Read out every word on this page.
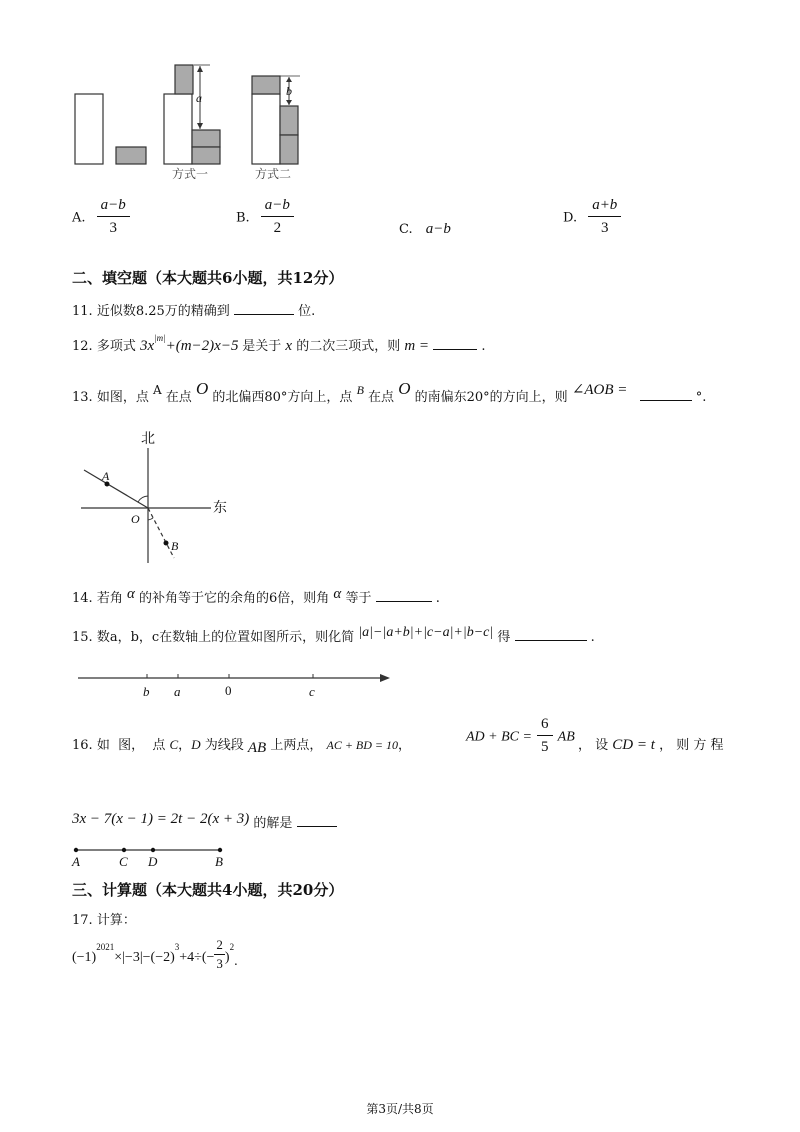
a	b
方式一	方式二
A. $\frac{a-b}{3}$	B. $\frac{a-b}{2}$	C. a−b
D. $\frac{a+b}{3}$
二、填空题（本大题共6小题，共12分）
11. 近似数8.25万的精确到	位.
12. 多项式 $3x^{|m|}+(m-2)x-5$ 是关于 x 的二次三项式，则 m =	.
13. 如图，点 A 在点 O 的北偏西80°方向上，点 B 在点 O 的南偏东20°的方向上，则 ∠AOB =	°.
北
东
A
O
B
14. 若角 α 的补角等于它的余角的6倍，则角 α 等于	.
15. 数a，b，c在数轴上的位置如图所示，则化简 |a|−|a+b|+|c−a|+|b−c| 得	.
b a	0	c
16. 如  图，  点 C，D 为线段 AB 上两点， AC + BD = 10，
AD + BC = $\frac{6}{5}$ AB
， 设 CD = t ， 则 方 程
3x − 7(x − 1) = 2t − 2(x + 3) 的解是
A	C D	B
三、计算题（本大题共4小题，共20分）
17. 计算：
$(-1)^{2021}\times|-3|-(-2)^3+4\div(- \frac{2}{3} )^2$.
第3页/共8页
